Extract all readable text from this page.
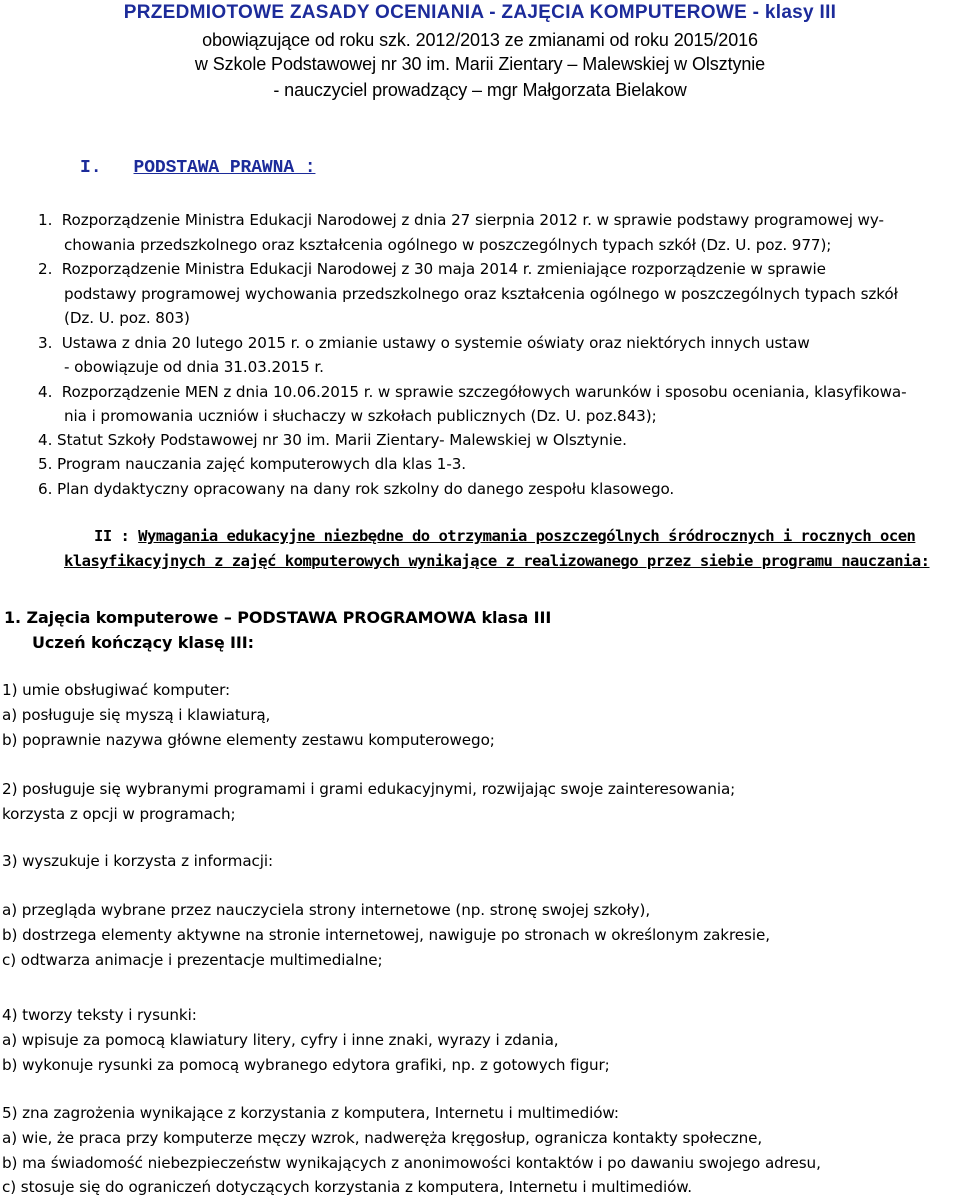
PRZEDMIOTOWE ZASADY OCENIANIA - ZAJĘCIA KOMPUTEROWE - klasy III
obowiązujące od roku szk. 2012/2013 ze zmianami od roku 2015/2016
w Szkole Podstawowej nr 30 im. Marii Zientary – Malewskiej w Olsztynie
- nauczyciel prowadzący – mgr Małgorzata Bielakow
I. PODSTAWA PRAWNA :
1. Rozporządzenie Ministra Edukacji Narodowej z dnia 27 sierpnia 2012 r. w sprawie podstawy programowej wy-
chowania przedszkolnego oraz kształcenia ogólnego w poszczególnych typach szkół (Dz. U. poz. 977);
2. Rozporządzenie Ministra Edukacji Narodowej z 30 maja 2014 r. zmieniające rozporządzenie w sprawie
podstawy programowej wychowania przedszkolnego oraz kształcenia ogólnego w poszczególnych typach szkół
(Dz. U. poz. 803)
3. Ustawa z dnia 20 lutego 2015 r. o zmianie ustawy o systemie oświaty oraz niektórych innych ustaw
- obowiązuje od dnia 31.03.2015 r.
4. Rozporządzenie MEN z dnia 10.06.2015 r. w sprawie szczegółowych warunków i sposobu oceniania, klasyfikowa-
nia i promowania uczniów i słuchaczy w szkołach publicznych (Dz. U. poz.843);
4. Statut Szkoły Podstawowej nr 30 im. Marii Zientary- Malewskiej w Olsztynie.
5. Program nauczania zajęć komputerowych dla klas 1-3.
6. Plan dydaktyczny opracowany na dany rok szkolny do danego zespołu klasowego.
II : Wymagania edukacyjne niezbędne do otrzymania poszczególnych śródrocznych i rocznych ocen
klasyfikacyjnych z zajęć komputerowych wynikające z realizowanego przez siebie programu nauczania:
1. Zajęcia komputerowe – PODSTAWA PROGRAMOWA klasa III
Uczeń kończący klasę III:
1) umie obsługiwać komputer:
a) posługuje się myszą i klawiaturą,
b) poprawnie nazywa główne elementy zestawu komputerowego;
2) posługuje się wybranymi programami i grami edukacyjnymi, rozwijając swoje zainteresowania;
korzysta z opcji w programach;
3) wyszukuje i korzysta z informacji:
a) przegląda wybrane przez nauczyciela strony internetowe (np. stronę swojej szkoły),
b) dostrzega elementy aktywne na stronie internetowej, nawiguje po stronach w określonym zakresie,
c) odtwarza animacje i prezentacje multimedialne;
4) tworzy teksty i rysunki:
a) wpisuje za pomocą klawiatury litery, cyfry i inne znaki, wyrazy i zdania,
b) wykonuje rysunki za pomocą wybranego edytora grafiki, np. z gotowych figur;
5) zna zagrożenia wynikające z korzystania z komputera, Internetu i multimediów:
a) wie, że praca przy komputerze męczy wzrok, nadweręża kręgosłup, ogranicza kontakty społeczne,
b) ma świadomość niebezpieczeństw wynikających z anonimowości kontaktów i po dawaniu swojego adresu,
c) stosuje się do ograniczeń dotyczących korzystania z komputera, Internetu i multimediów.
